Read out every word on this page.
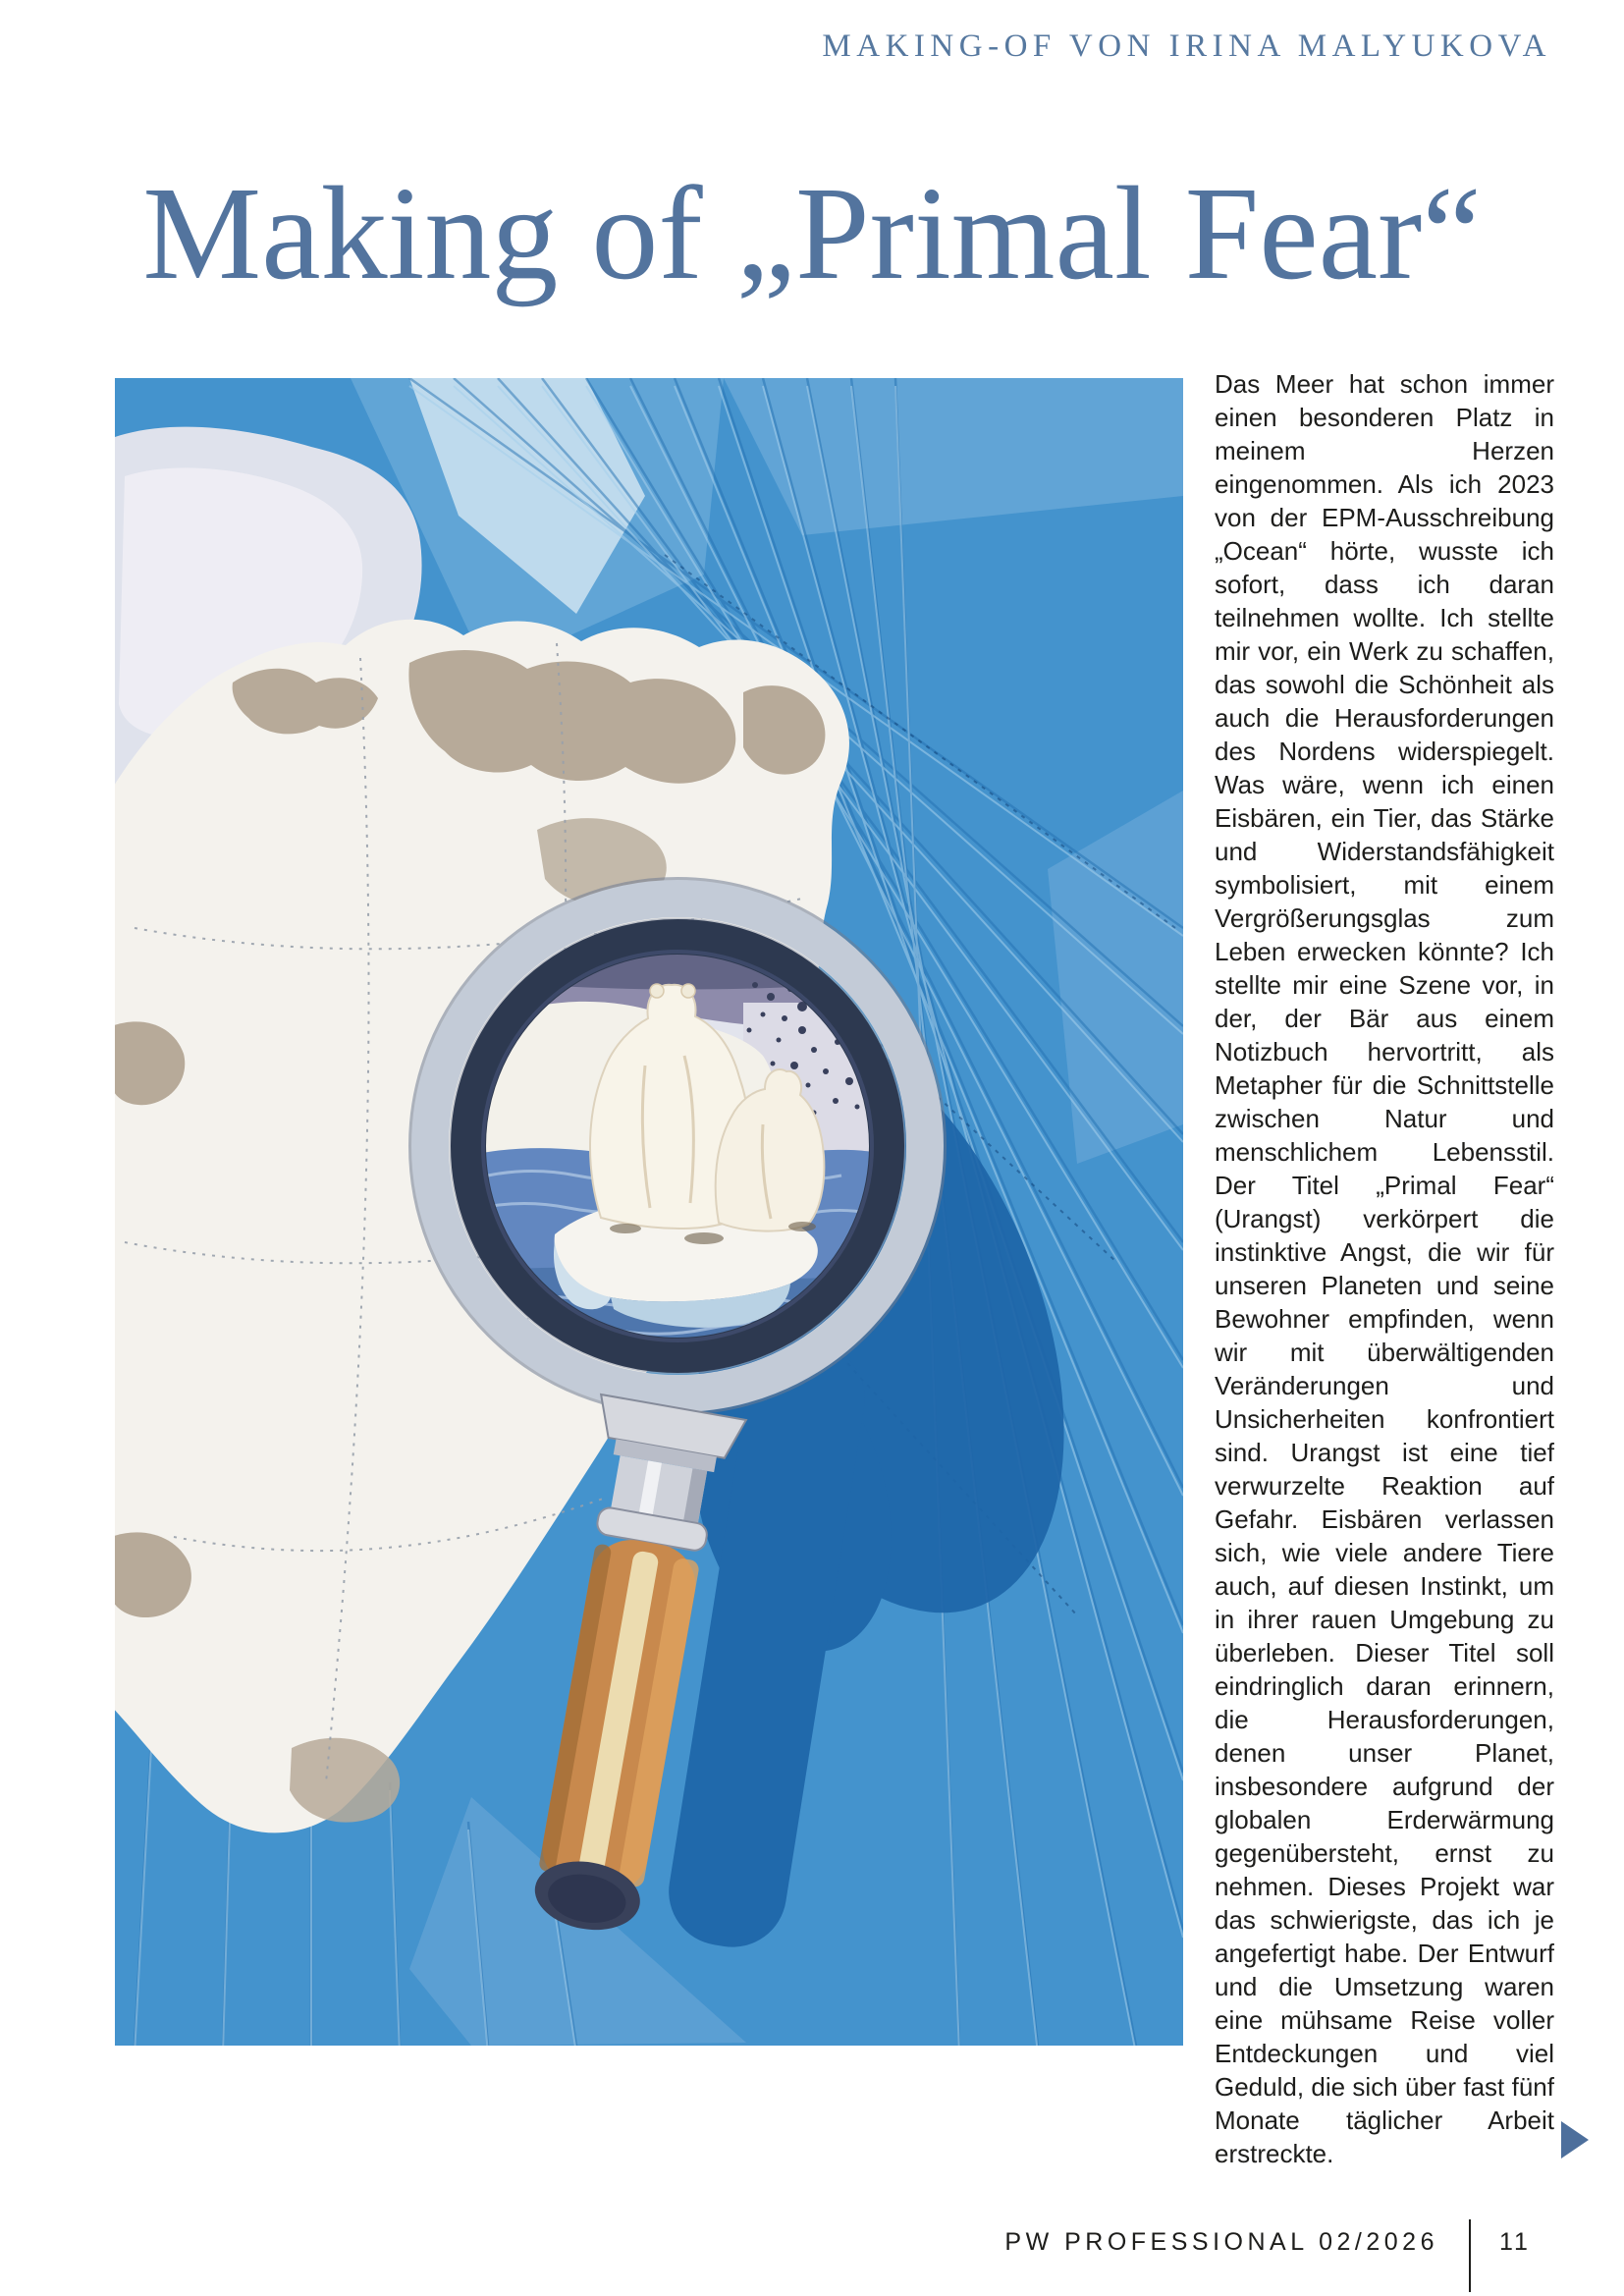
MAKING-OF VON IRINA MALYUKOVA
Making of „Primal Fear“

Das Meer hat schon immer einen besonderen Platz in meinem Herzen eingenommen. Als ich 2023 von der EPM-Ausschreibung „Ocean“ hörte, wusste ich sofort, dass ich daran teilnehmen wollte. Ich stellte mir vor, ein Werk zu schaffen, das sowohl die Schönheit als auch die Herausforderungen des Nordens widerspiegelt. Was wäre, wenn ich einen Eisbären, ein Tier, das Stärke und Widerstandsfähigkeit symbolisiert, mit einem Vergrößerungsglas zum Leben erwecken könnte? Ich stellte mir eine Szene vor, in der, der Bär aus einem Notizbuch hervortritt, als Metapher für die Schnittstelle zwischen Natur und menschlichem Lebensstil. Der Titel „Primal Fear“ (Urangst) verkörpert die instinktive Angst, die wir für unseren Planeten und seine Bewohner empfinden, wenn wir mit überwältigenden Veränderungen und Unsicherheiten konfrontiert sind. Urangst ist eine tief verwurzelte Reaktion auf Gefahr. Eisbären verlassen sich, wie viele andere Tiere auch, auf diesen Instinkt, um in ihrer rauen Umgebung zu überleben. Dieser Titel soll eindringlich daran erinnern, die Herausforderungen, denen unser Planet, insbesondere aufgrund der globalen Erderwärmung gegenübersteht, ernst zu nehmen. Dieses Projekt war das schwierigste, das ich je angefertigt habe. Der Entwurf und die Umsetzung waren eine mühsame Reise voller Entdeckungen und viel Geduld, die sich über fast fünf Monate täglicher Arbeit erstreckte.

PW PROFESSIONAL 02/2026 11
